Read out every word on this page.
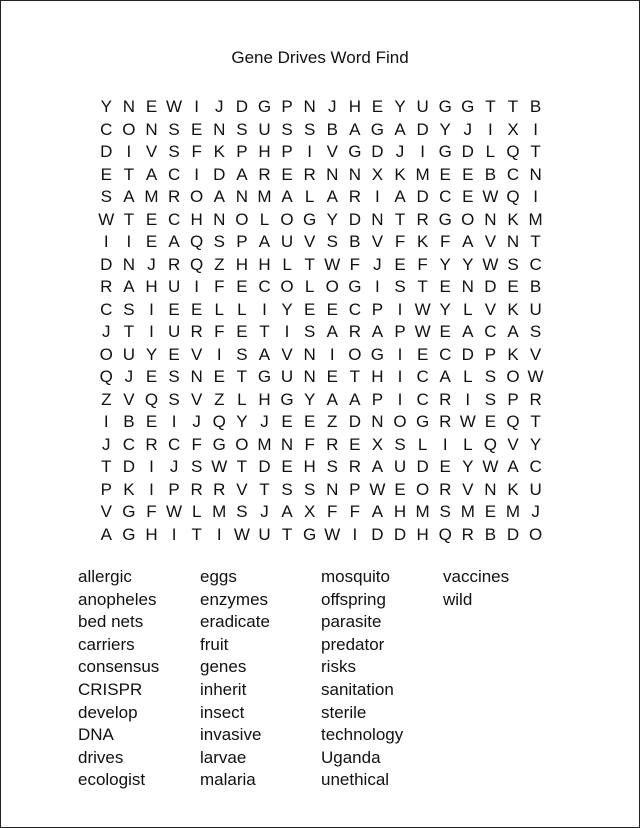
Gene Drives Word Find
Y N E W I J D G P N J H E Y U G G T T B
C O N S E N S U S S B A G A D Y J I X I
D I V S F K P H P I V G D J I G D L Q T
E T A C I D A R E R N N X K M E E B C N
S A M R O A N M A L A R I A D C E W Q I
W T E C H N O L O G Y D N T R G O N K M
I	I E A Q S P A U V S B V F K F A V N T
D N J R Q Z H H L T W F J E F Y Y W S C
R A H U I F E C O L O G I S T E N D E B
C S I E E L L I Y E E C P I W Y L V K U
J T I U R F E T I S A R A P W E A C A S
O U Y E V I S A V N I O G I E C D P K V
Q J E S N E T G U N E T H I C A L S O W
Z V Q S V Z L H G Y A A P I C R I S P R
I B E I J Q Y J E E Z D N O G R W E Q T
J C R C F G O M N F R E X S L I L Q V Y
T D I J S W T D E H S R A U D E Y W A C
P K I P R R V T S S N P W E O R V N K U
V G F W L M S J A X F F A H M S M E M J
A G H I T I W U T G W I D D H Q R B D O
allergic
anopheles
bed nets
carriers
consensus
CRISPR
develop
DNA
drives
ecologist
eggs
enzymes
eradicate
fruit
genes
inherit
insect
invasive
larvae
malaria
mosquito
offspring
parasite
predator
risks
sanitation
sterile
technology
Uganda
unethical
vaccines
wild
